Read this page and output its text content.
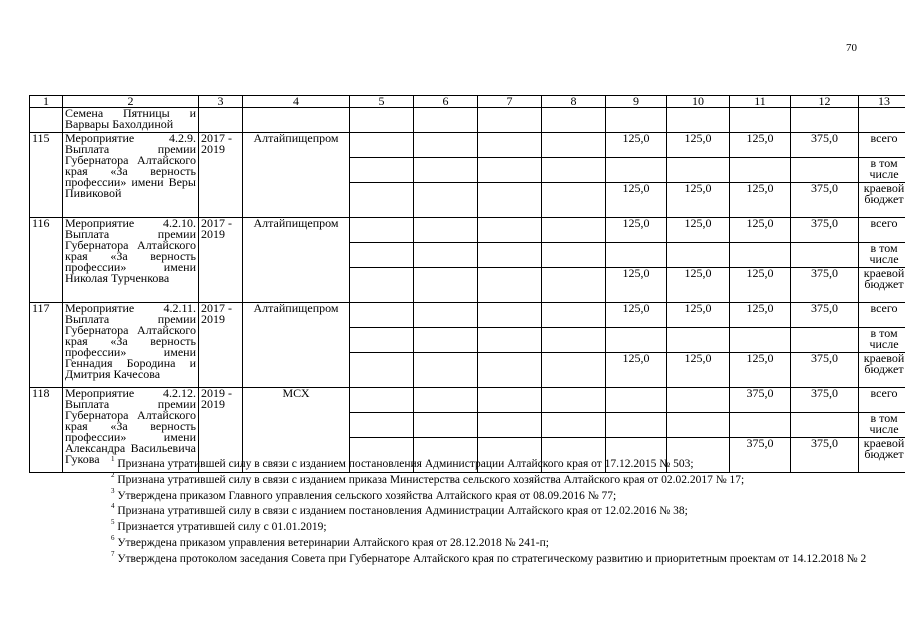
70
1	2	3	4	5	6	7	8	9	10	11	12	13
	Семена Пятницы и Варвары Бахолдиной											
115	Мероприятие 4.2.9. Выплата премии Губернатора Алтайского края «За верность профессии» имени Веры Пивиковой	2017 - 2019	Алтайпищепром					125,0	125,0	125,0	375,0	всего
												в том числе
								125,0	125,0	125,0	375,0	краевой бюджет
116	Мероприятие 4.2.10. Выплата премии Губернатора Алтайского края «За верность профессии» имени Николая Турченкова	2017 - 2019	Алтайпищепром					125,0	125,0	125,0	375,0	всего
												в том числе
								125,0	125,0	125,0	375,0	краевой бюджет
117	Мероприятие 4.2.11. Выплата премии Губернатора Алтайского края «За верность профессии» имени Геннадия Бородина и Дмитрия Качесова	2017 - 2019	Алтайпищепром					125,0	125,0	125,0	375,0	всего
												в том числе
								125,0	125,0	125,0	375,0	краевой бюджет
118	Мероприятие 4.2.12. Выплата премии Губернатора Алтайского края «За верность профессии» имени Александра Васильевича Гукова	2019 - 2019	МСХ							375,0	375,0	всего
												в том числе
										375,0	375,0	краевой бюджет

$^1$ Признана утратившей силу в связи с изданием постановления Администрации Алтайского края от 17.12.2015 № 503;

$^2$ Признана утратившей силу в связи с изданием приказа Министерства сельского хозяйства Алтайского края от 02.02.2017 № 17;

$^3$ Утверждена приказом Главного управления сельского хозяйства Алтайского края от 08.09.2016 № 77;

$^4$ Признана утратившей силу в связи с изданием постановления Администрации Алтайского края от 12.02.2016 № 38;

$^5$ Признается утратившей силу с 01.01.2019;

$^6$ Утверждена приказом управления ветеринарии Алтайского края от 28.12.2018 № 241-п;

$^7$ Утверждена протоколом заседания Совета при Губернаторе Алтайского края по стратегическому развитию и приоритетным проектам от 14.12.2018 № 2
